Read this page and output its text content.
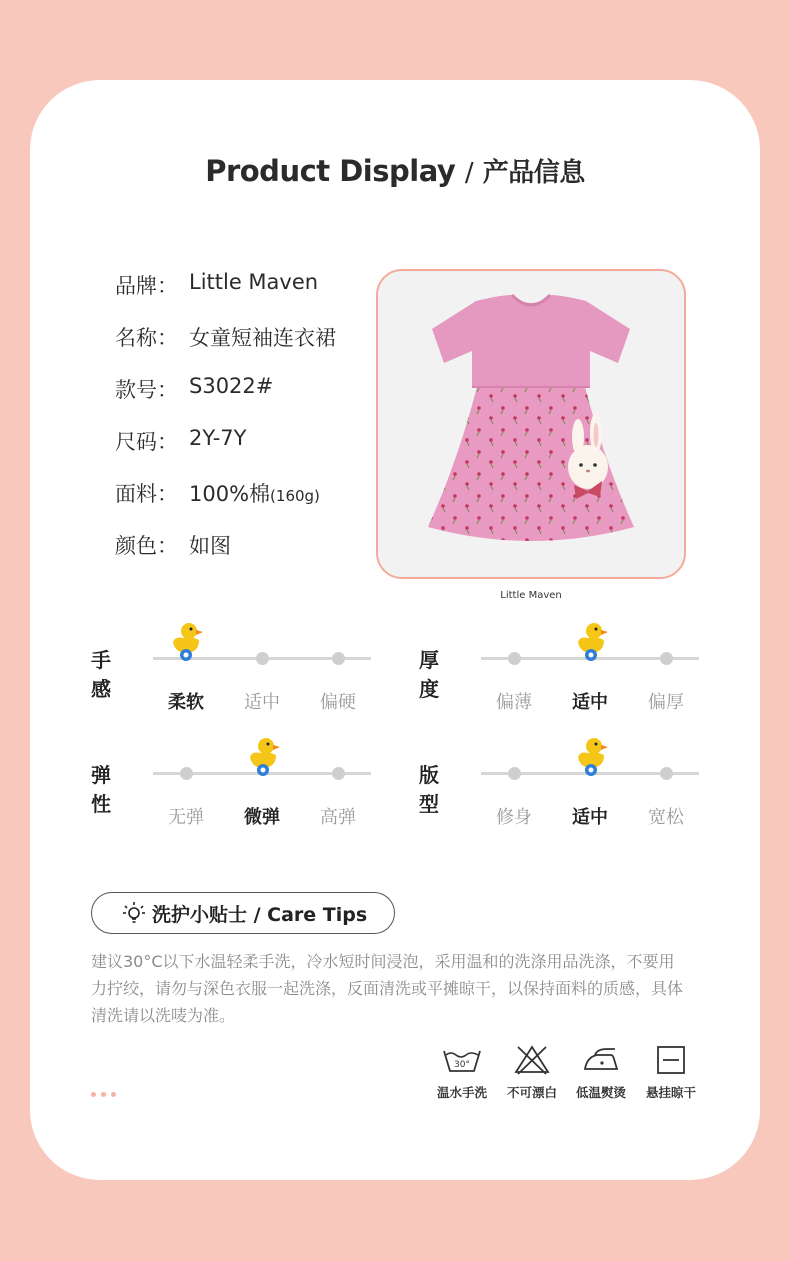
Product Display / 产品信息
品牌： Little Maven
名称： 女童短袖连衣裙
款号： S3022#
尺码： 2Y-7Y
面料： 100%棉(160g)
颜色： 如图
Little Maven
手感
柔软	适中	偏硬
厚度
偏薄	适中	偏厚
弹性
无弹	微弹	高弹
版型
修身	适中	宽松
洗护小贴士 / Care Tips
建议30°C以下水温轻柔手洗，冷水短时间浸泡，采用温和的洗涤用品洗涤，不要用
力拧绞，请勿与深色衣服一起洗涤，反面清洗或平摊晾干，以保持面料的质感，具体
清洗请以洗唛为准。
30°
温水手洗	不可漂白	低温熨烫	悬挂晾干
